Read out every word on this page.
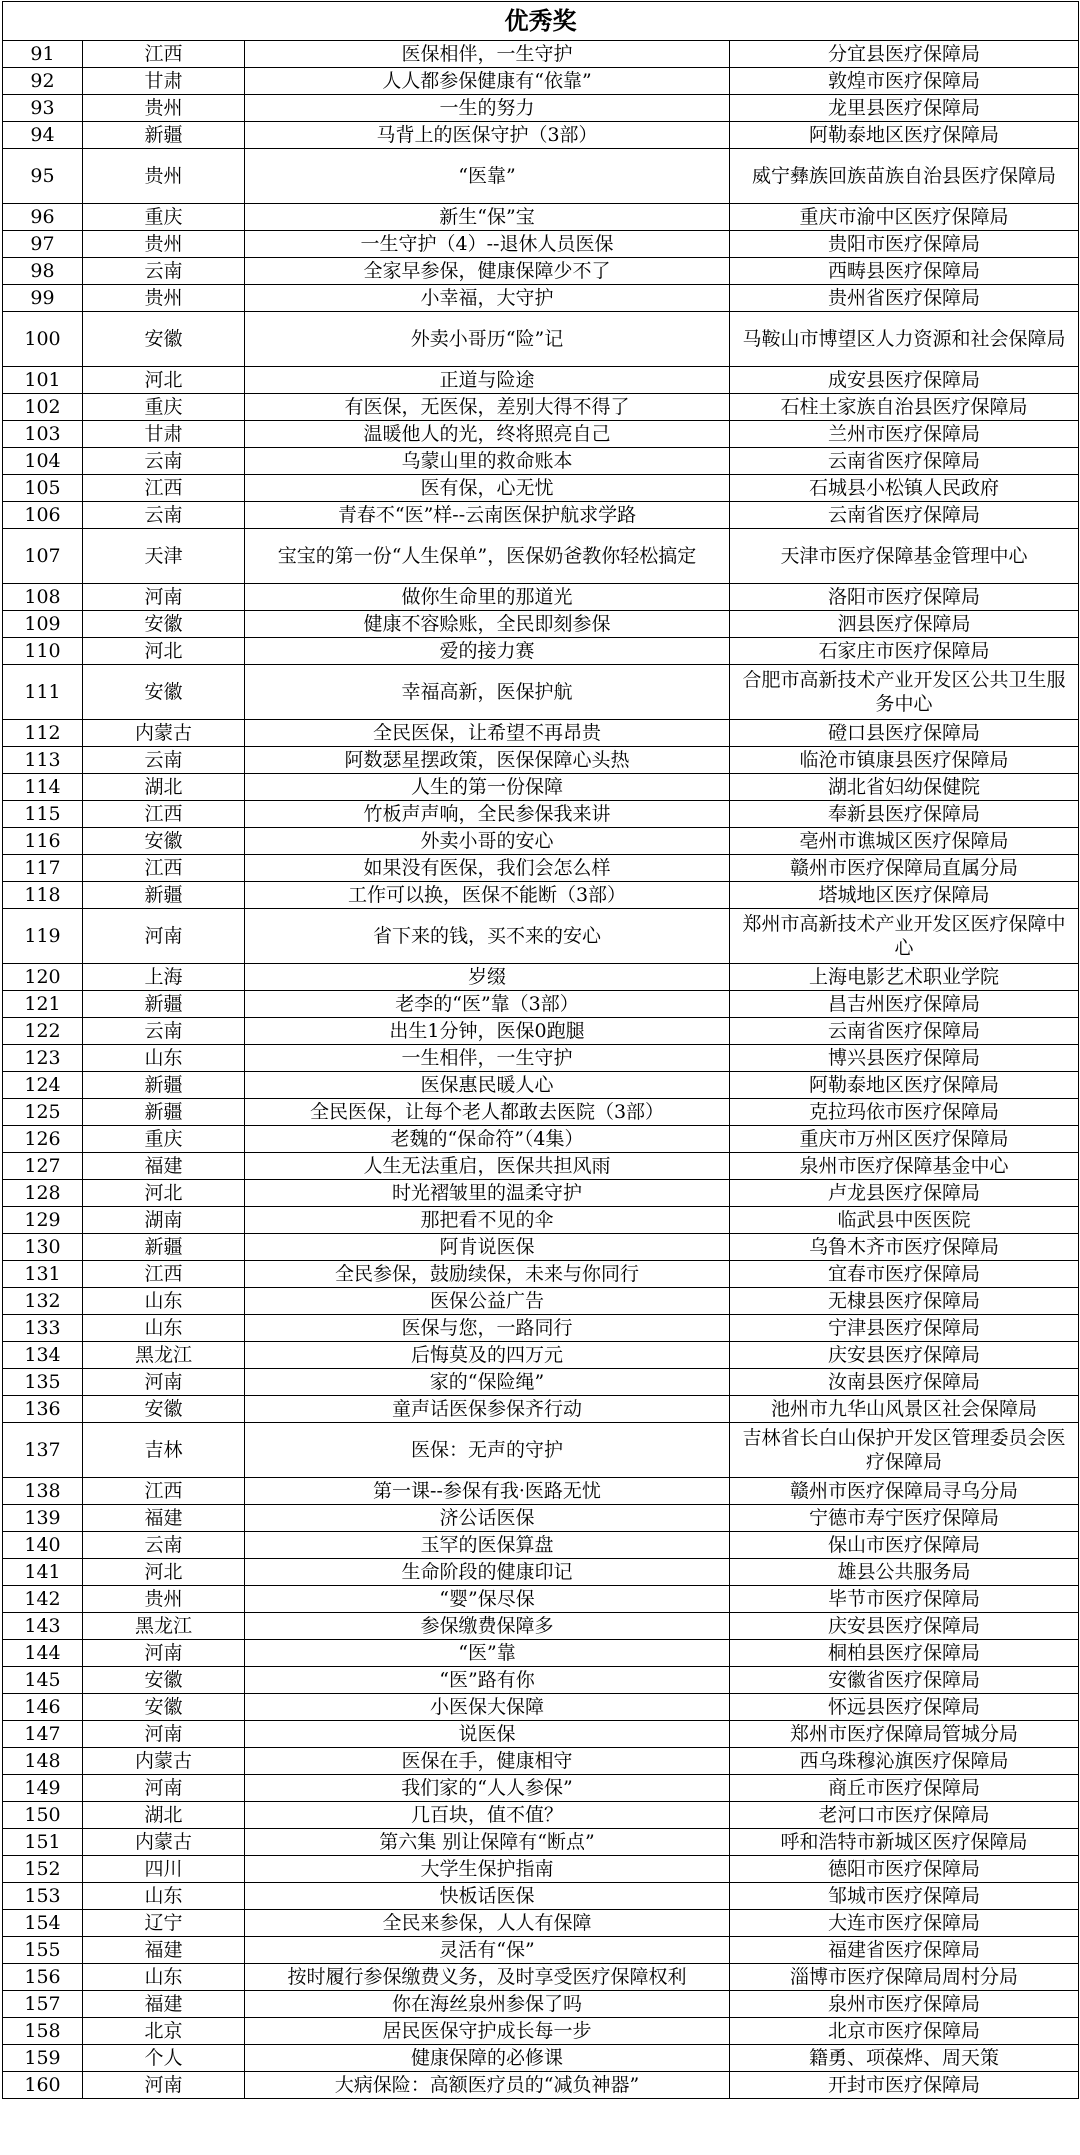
优秀奖			
91	江西	医保相伴，一生守护	分宜县医疗保障局
92	甘肃	人人都参保健康有“依靠”	敦煌市医疗保障局
93	贵州	一生的努力	龙里县医疗保障局
94	新疆	马背上的医保守护（3部）	阿勒泰地区医疗保障局
95	贵州	“医靠”	威宁彝族回族苗族自治县医疗保障局
96	重庆	新生“保”宝	重庆市渝中区医疗保障局
97	贵州	一生守护（4）--退休人员医保	贵阳市医疗保障局
98	云南	全家早参保，健康保障少不了	西畴县医疗保障局
99	贵州	小幸福，大守护	贵州省医疗保障局
100	安徽	外卖小哥历“险”记	马鞍山市博望区人力资源和社会保障局
101	河北	正道与险途	成安县医疗保障局
102	重庆	有医保，无医保，差别大得不得了	石柱土家族自治县医疗保障局
103	甘肃	温暖他人的光，终将照亮自己	兰州市医疗保障局
104	云南	乌蒙山里的救命账本	云南省医疗保障局
105	江西	医有保，心无忧	石城县小松镇人民政府
106	云南	青春不“医”样--云南医保护航求学路	云南省医疗保障局
107	天津	宝宝的第一份“人生保单”，医保奶爸教你轻松搞定	天津市医疗保障基金管理中心
108	河南	做你生命里的那道光	洛阳市医疗保障局
109	安徽	健康不容赊账，全民即刻参保	泗县医疗保障局
110	河北	爱的接力赛	石家庄市医疗保障局
111	安徽	幸福高新，医保护航	合肥市高新技术产业开发区公共卫生服务中心
112	内蒙古	全民医保，让希望不再昂贵	磴口县医疗保障局
113	云南	阿数瑟星摆政策，医保保障心头热	临沧市镇康县医疗保障局
114	湖北	人生的第一份保障	湖北省妇幼保健院
115	江西	竹板声声响，全民参保我来讲	奉新县医疗保障局
116	安徽	外卖小哥的安心	亳州市谯城区医疗保障局
117	江西	如果没有医保，我们会怎么样	赣州市医疗保障局直属分局
118	新疆	工作可以换，医保不能断（3部）	塔城地区医疗保障局
119	河南	省下来的钱，买不来的安心	郑州市高新技术产业开发区医疗保障中心
120	上海	岁缀	上海电影艺术职业学院
121	新疆	老李的“医”靠（3部）	昌吉州医疗保障局
122	云南	出生1分钟，医保0跑腿	云南省医疗保障局
123	山东	一生相伴，一生守护	博兴县医疗保障局
124	新疆	医保惠民暖人心	阿勒泰地区医疗保障局
125	新疆	全民医保，让每个老人都敢去医院（3部）	克拉玛依市医疗保障局
126	重庆	老魏的“保命符”（4集）	重庆市万州区医疗保障局
127	福建	人生无法重启，医保共担风雨	泉州市医疗保障基金中心
128	河北	时光褶皱里的温柔守护	卢龙县医疗保障局
129	湖南	那把看不见的伞	临武县中医医院
130	新疆	阿肯说医保	乌鲁木齐市医疗保障局
131	江西	全民参保，鼓励续保，未来与你同行	宜春市医疗保障局
132	山东	医保公益广告	无棣县医疗保障局
133	山东	医保与您，一路同行	宁津县医疗保障局
134	黑龙江	后悔莫及的四万元	庆安县医疗保障局
135	河南	家的“保险绳”	汝南县医疗保障局
136	安徽	童声话医保参保齐行动	池州市九华山风景区社会保障局
137	吉林	医保：无声的守护	吉林省长白山保护开发区管理委员会医疗保障局
138	江西	第一课--参保有我·医路无忧	赣州市医疗保障局寻乌分局
139	福建	济公话医保	宁德市寿宁医疗保障局
140	云南	玉罕的医保算盘	保山市医疗保障局
141	河北	生命阶段的健康印记	雄县公共服务局
142	贵州	“婴”保尽保	毕节市医疗保障局
143	黑龙江	参保缴费保障多	庆安县医疗保障局
144	河南	“医”靠	桐柏县医疗保障局
145	安徽	“医”路有你	安徽省医疗保障局
146	安徽	小医保大保障	怀远县医疗保障局
147	河南	说医保	郑州市医疗保障局管城分局
148	内蒙古	医保在手，健康相守	西乌珠穆沁旗医疗保障局
149	河南	我们家的“人人参保”	商丘市医疗保障局
150	湖北	几百块，值不值？	老河口市医疗保障局
151	内蒙古	第六集 别让保障有“断点”	呼和浩特市新城区医疗保障局
152	四川	大学生保护指南	德阳市医疗保障局
153	山东	快板话医保	邹城市医疗保障局
154	辽宁	全民来参保，人人有保障	大连市医疗保障局
155	福建	灵活有“保”	福建省医疗保障局
156	山东	按时履行参保缴费义务，及时享受医疗保障权利	淄博市医疗保障局周村分局
157	福建	你在海丝泉州参保了吗	泉州市医疗保障局
158	北京	居民医保守护成长每一步	北京市医疗保障局
159	个人	健康保障的必修课	籍勇、项葆烨、周天策
160	河南	大病保险：高额医疗员的“减负神器”	开封市医疗保障局
